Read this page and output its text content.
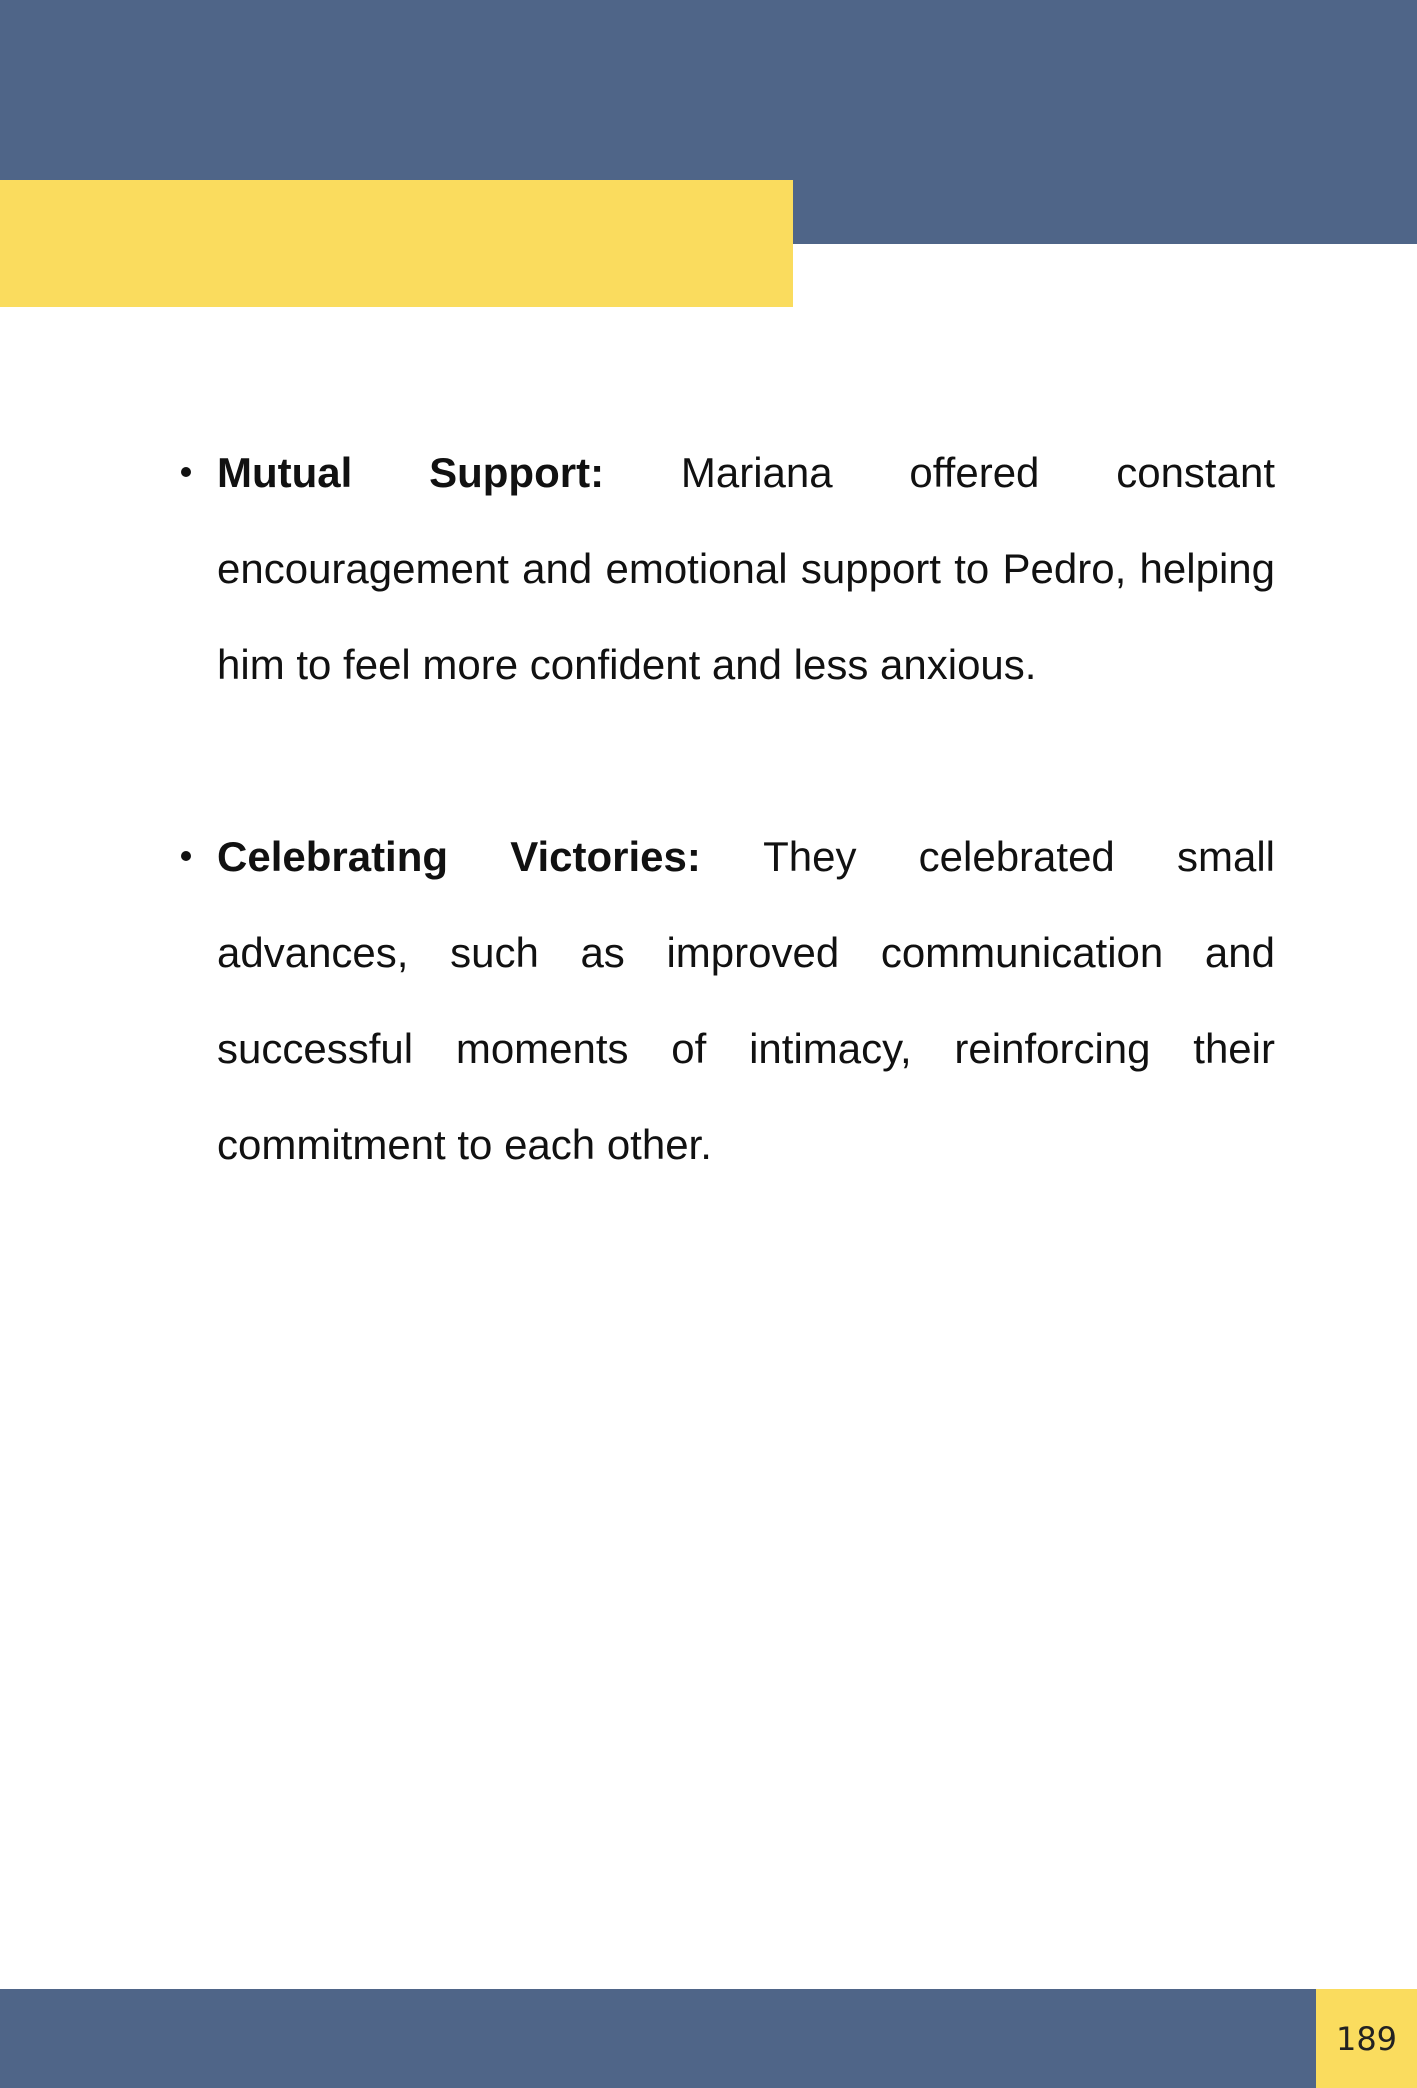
Mutual Support: Mariana offered constant encouragement and emotional support to Pedro, helping him to feel more confident and less anxious.
Celebrating Victories: They celebrated small advances, such as improved communication and successful moments of intimacy, reinforcing their commitment to each other.
189
